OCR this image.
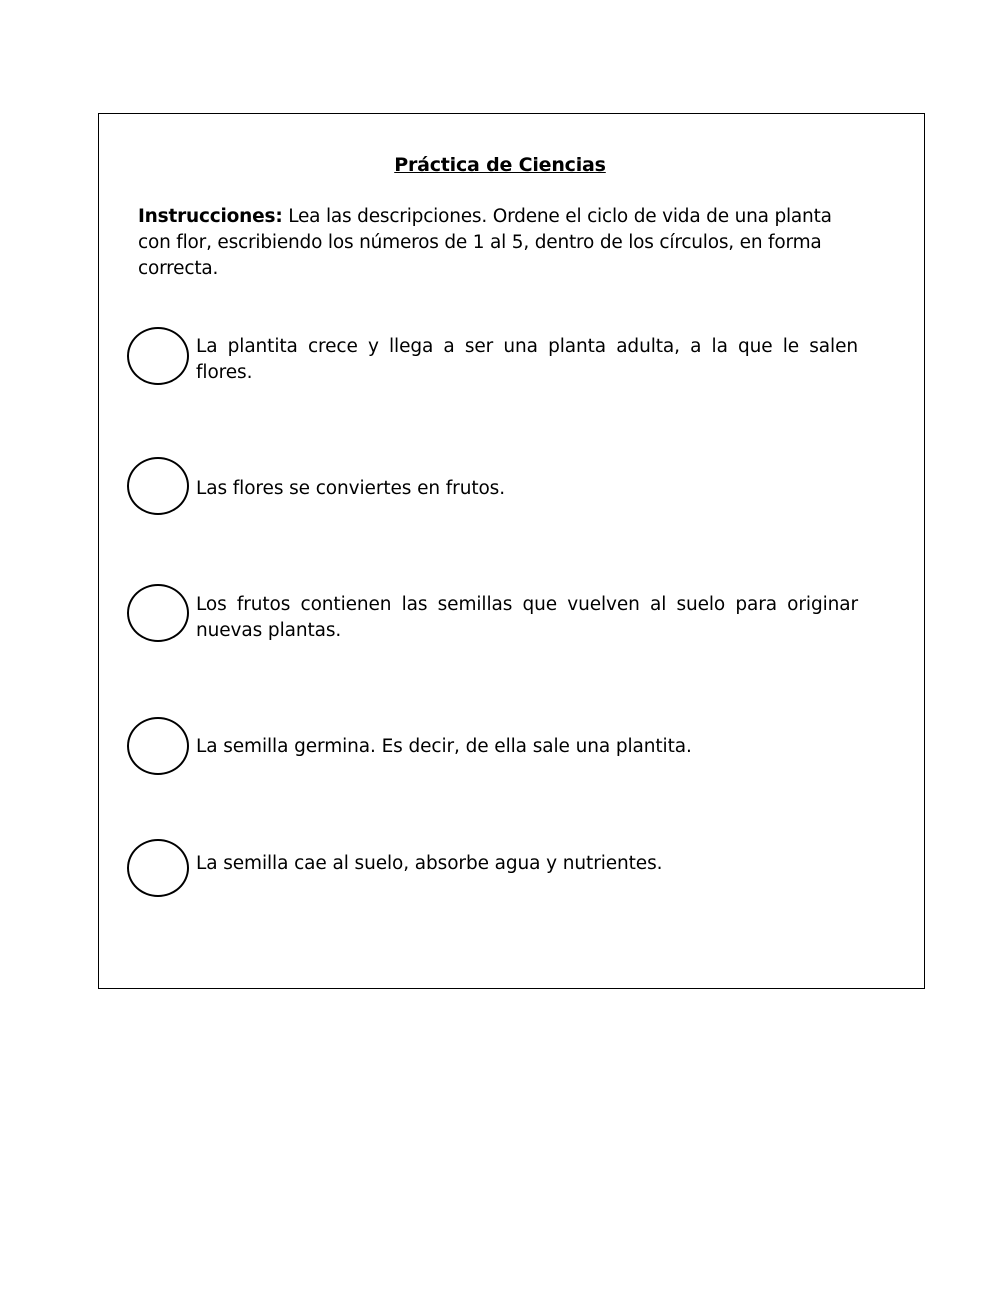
Práctica de Ciencias
Instrucciones: Lea las descripciones. Ordene el ciclo de vida de una planta con flor, escribiendo los números de 1 al 5, dentro de los círculos, en forma correcta.
La plantita crece y llega a ser una planta adulta, a la que le salen flores.
Las flores se conviertes en frutos.
Los frutos contienen las semillas que vuelven al suelo para originar nuevas plantas.
La semilla germina. Es decir, de ella sale una plantita.
La semilla cae al suelo, absorbe agua y nutrientes.
